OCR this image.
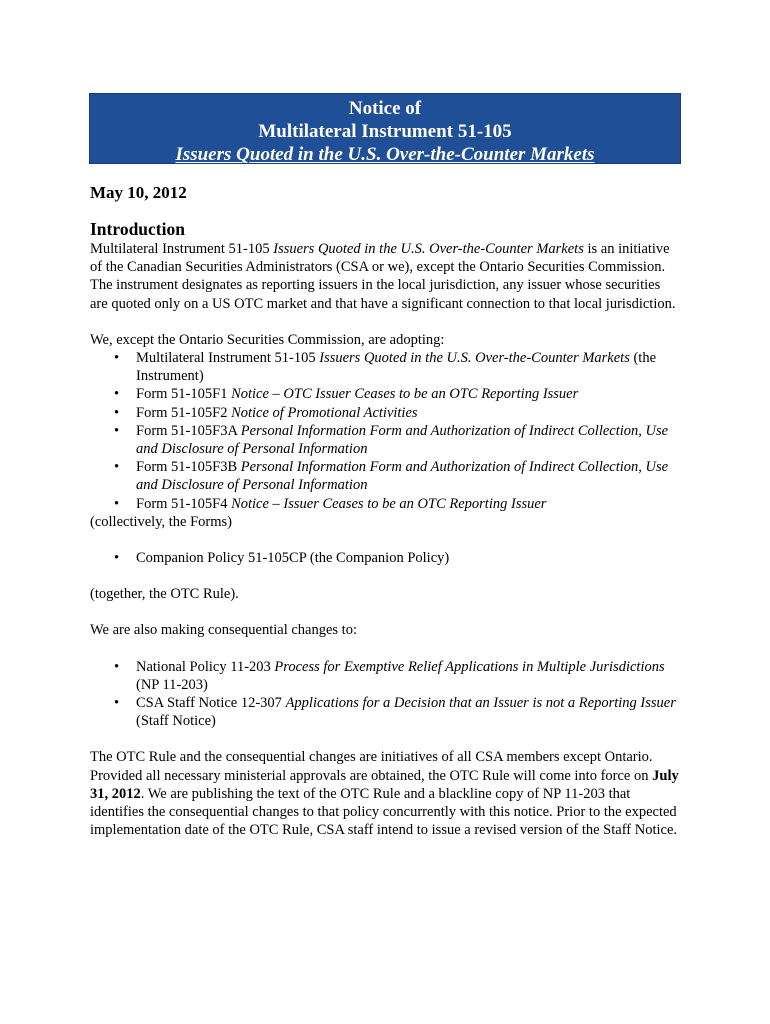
Notice of
Multilateral Instrument 51-105
Issuers Quoted in the U.S. Over-the-Counter Markets

May 10, 2012

Introduction

Multilateral Instrument 51-105 Issuers Quoted in the U.S. Over-the-Counter Markets is an initiative of the Canadian Securities Administrators (CSA or we), except the Ontario Securities Commission. The instrument designates as reporting issuers in the local jurisdiction, any issuer whose securities are quoted only on a US OTC market and that have a significant connection to that local jurisdiction.

We, except the Ontario Securities Commission, are adopting:

• Multilateral Instrument 51-105 Issuers Quoted in the U.S. Over-the-Counter Markets (the Instrument)
• Form 51-105F1 Notice – OTC Issuer Ceases to be an OTC Reporting Issuer
• Form 51-105F2 Notice of Promotional Activities
• Form 51-105F3A Personal Information Form and Authorization of Indirect Collection, Use and Disclosure of Personal Information
• Form 51-105F3B Personal Information Form and Authorization of Indirect Collection, Use and Disclosure of Personal Information
• Form 51-105F4 Notice – Issuer Ceases to be an OTC Reporting Issuer

(collectively, the Forms)

• Companion Policy 51-105CP (the Companion Policy)

(together, the OTC Rule).

We are also making consequential changes to:

• National Policy 11-203 Process for Exemptive Relief Applications in Multiple Jurisdictions (NP 11-203)
• CSA Staff Notice 12-307 Applications for a Decision that an Issuer is not a Reporting Issuer (Staff Notice)

The OTC Rule and the consequential changes are initiatives of all CSA members except Ontario. Provided all necessary ministerial approvals are obtained, the OTC Rule will come into force on July 31, 2012. We are publishing the text of the OTC Rule and a blackline copy of NP 11-203 that identifies the consequential changes to that policy concurrently with this notice. Prior to the expected implementation date of the OTC Rule, CSA staff intend to issue a revised version of the Staff Notice.
